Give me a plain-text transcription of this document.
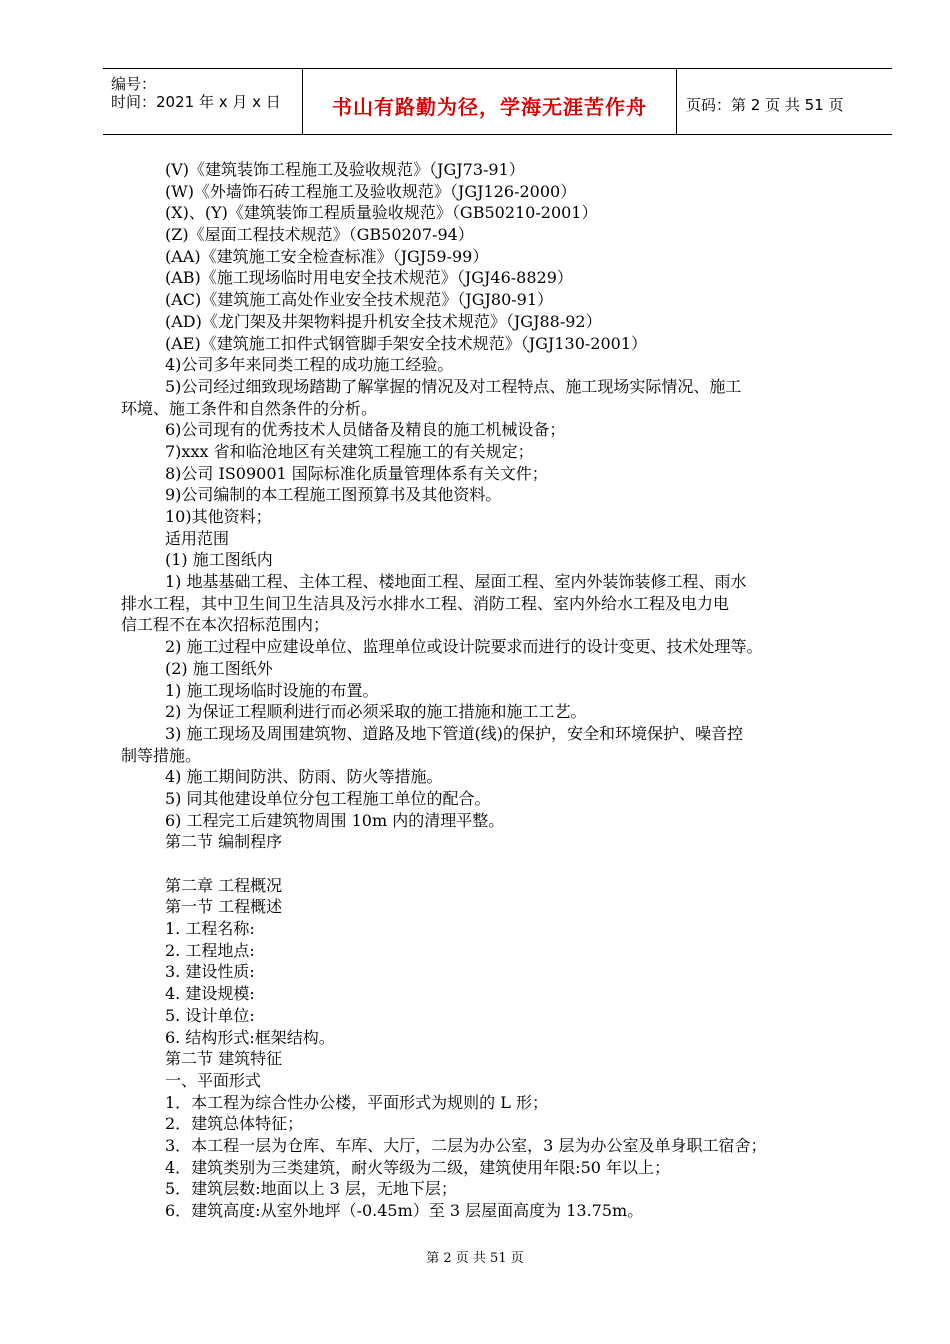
编号：
时间：2021 年 x 月 x 日	书山有路勤为径，学海无涯苦作舟	页码：第 2 页 共 51 页
(V)《建筑装饰工程施工及验收规范》（JGJ73-91）
(W)《外墙饰石砖工程施工及验收规范》（JGJ126-2000）
(X)、(Y)《建筑装饰工程质量验收规范》（GB50210-2001）
(Z)《屋面工程技术规范》（GB50207-94）
(AA)《建筑施工安全检查标准》（JGJ59-99）
(AB)《施工现场临时用电安全技术规范》（JGJ46-8829）
(AC)《建筑施工高处作业安全技术规范》（JGJ80-91）
(AD)《龙门架及井架物料提升机安全技术规范》（JGJ88-92）
(AE)《建筑施工扣件式钢管脚手架安全技术规范》（JGJ130-2001）
4)公司多年来同类工程的成功施工经验。
5)公司经过细致现场踏勘了解掌握的情况及对工程特点、施工现场实际情况、施工
环境、施工条件和自然条件的分析。
6)公司现有的优秀技术人员储备及精良的施工机械设备；
7)xxx 省和临沧地区有关建筑工程施工的有关规定；
8)公司 IS09001 国际标准化质量管理体系有关文件；
9)公司编制的本工程施工图预算书及其他资料。
10)其他资料；
适用范围
(1) 施工图纸内
1) 地基基础工程、主体工程、楼地面工程、屋面工程、室内外装饰装修工程、雨水
排水工程，其中卫生间卫生洁具及污水排水工程、消防工程、室内外给水工程及电力电
信工程不在本次招标范围内；
2) 施工过程中应建设单位、监理单位或设计院要求而进行的设计变更、技术处理等。
(2) 施工图纸外
1) 施工现场临时设施的布置。
2) 为保证工程顺利进行而必须采取的施工措施和施工工艺。
3) 施工现场及周围建筑物、道路及地下管道(线)的保护，安全和环境保护、噪音控
制等措施。
4) 施工期间防洪、防雨、防火等措施。
5) 同其他建设单位分包工程施工单位的配合。
6) 工程完工后建筑物周围 10m 内的清理平整。
第二节 编制程序
第二章 工程概况
第一节 工程概述
1. 工程名称:
2. 工程地点:
3. 建设性质:
4. 建设规模:
5. 设计单位:
6. 结构形式:框架结构。
第二节 建筑特征
一、平面形式
1．本工程为综合性办公楼，平面形式为规则的 L 形；
2．建筑总体特征；
3．本工程一层为仓库、车库、大厅，二层为办公室，3 层为办公室及单身职工宿舍；
4．建筑类别为三类建筑，耐火等级为二级，建筑使用年限:50 年以上；
5．建筑层数:地面以上 3 层，无地下层；
6．建筑高度:从室外地坪（-0.45m）至 3 层屋面高度为 13.75m。
第 2 页 共 51 页
